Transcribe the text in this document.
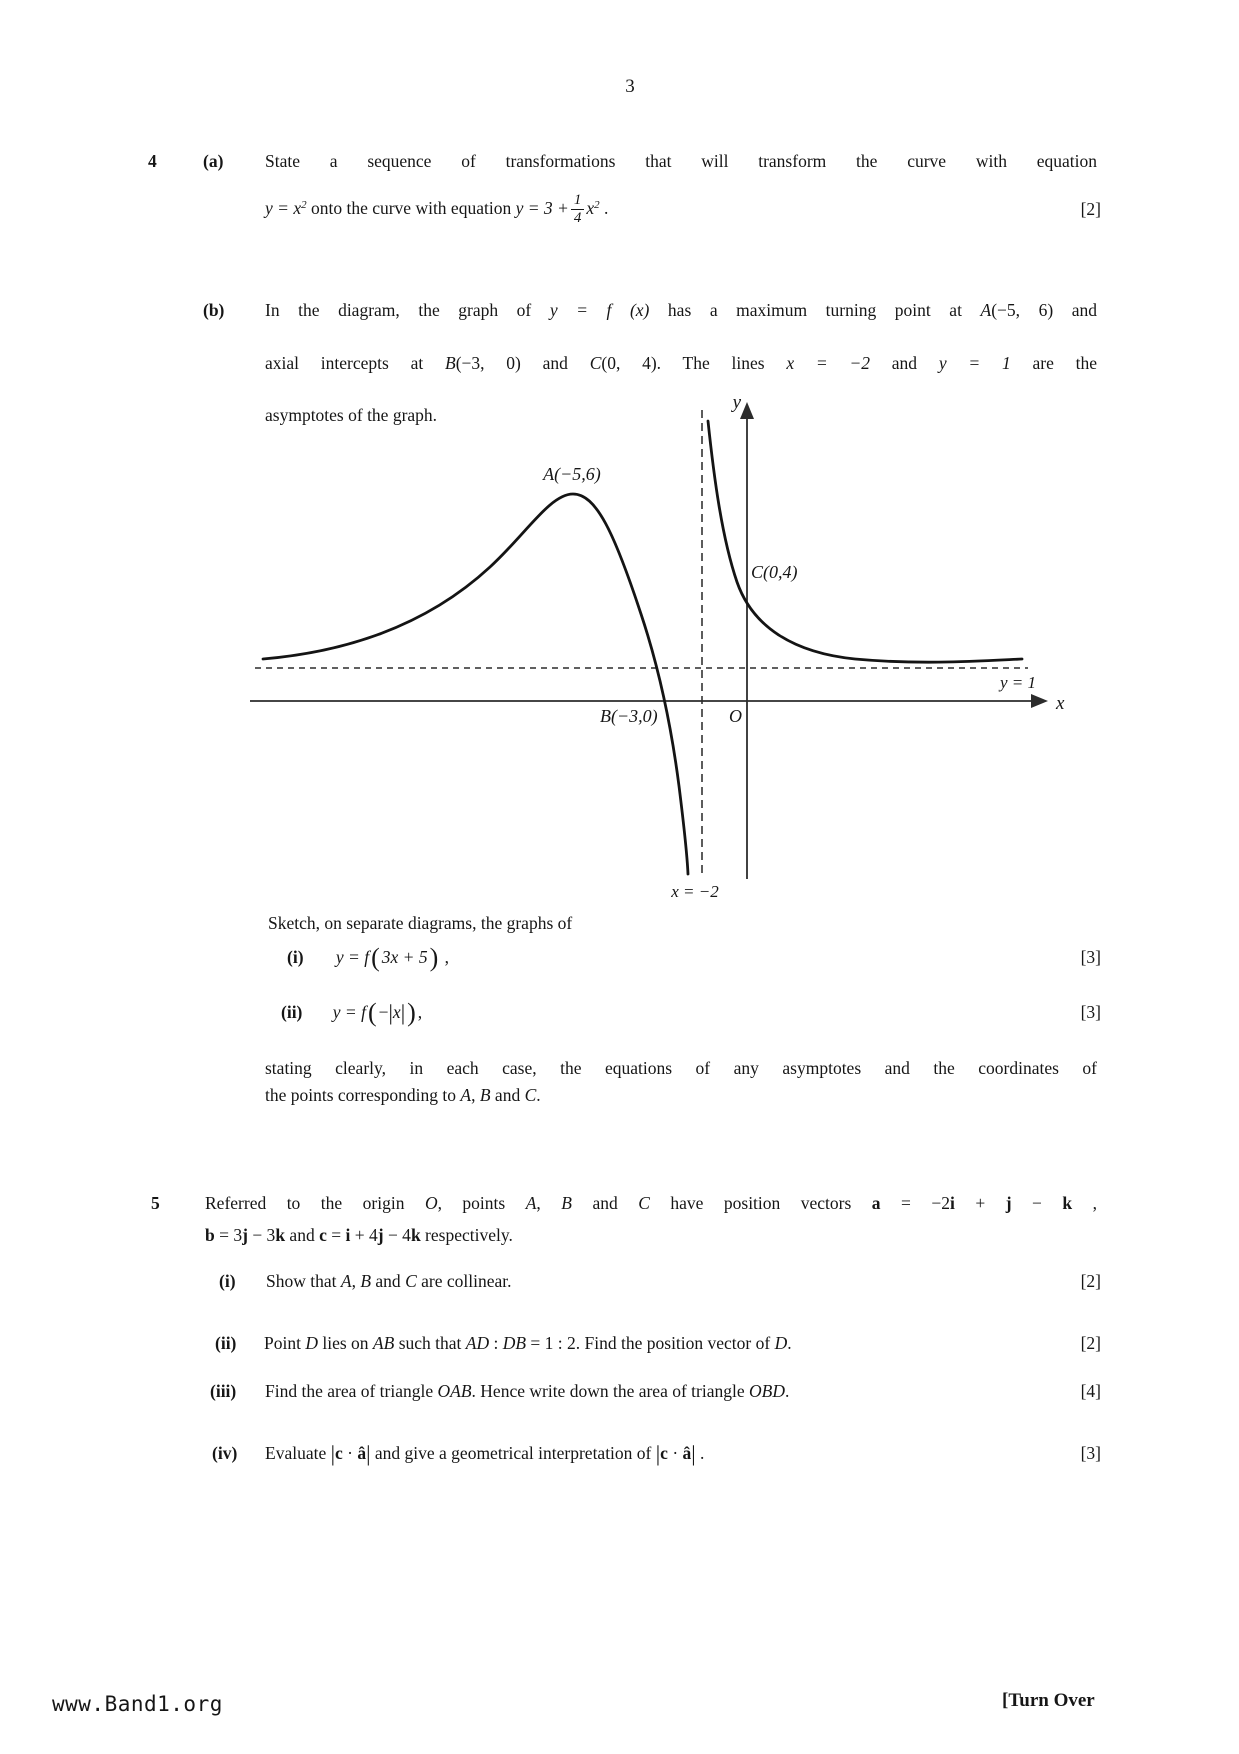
3
4	(a) State a sequence of transformations that will transform the curve with equation
$y = x^2$ onto the curve with equation $y = 3 + \frac{1}{4} x^2$ .	[2]
(b) In the diagram, the graph of y = f (x) has a maximum turning point at A(−5, 6) and
axial intercepts at B(−3, 0) and C(0, 4). The lines x = −2 and y = 1 are the
asymptotes of the graph.
y
x
O
A(−5,6)
B(−3,0)
C(0,4)
x = −2
y = 1
Sketch, on separate diagrams, the graphs of
(i) y = f( 3x + 5) ,	[3]
(ii) y = f( −|x|) ,	[3]
stating clearly, in each case, the equations of any asymptotes and the coordinates of
the points corresponding to A, B and C.
5	Referred to the origin O, points A, B and C have position vectors a = −2i + j − k ,
b = 3j − 3k and c = i + 4j − 4k respectively.
(i) Show that A, B and C are collinear.	[2]
(ii) Point D lies on AB such that AD : DB = 1 : 2. Find the position vector of D.	[2]
(iii) Find the area of triangle OAB. Hence write down the area of triangle OBD.	[4]
(iv) Evaluate |c · â| and give a geometrical interpretation of |c · â| .	[3]
www.Band1.org	[Turn Over
